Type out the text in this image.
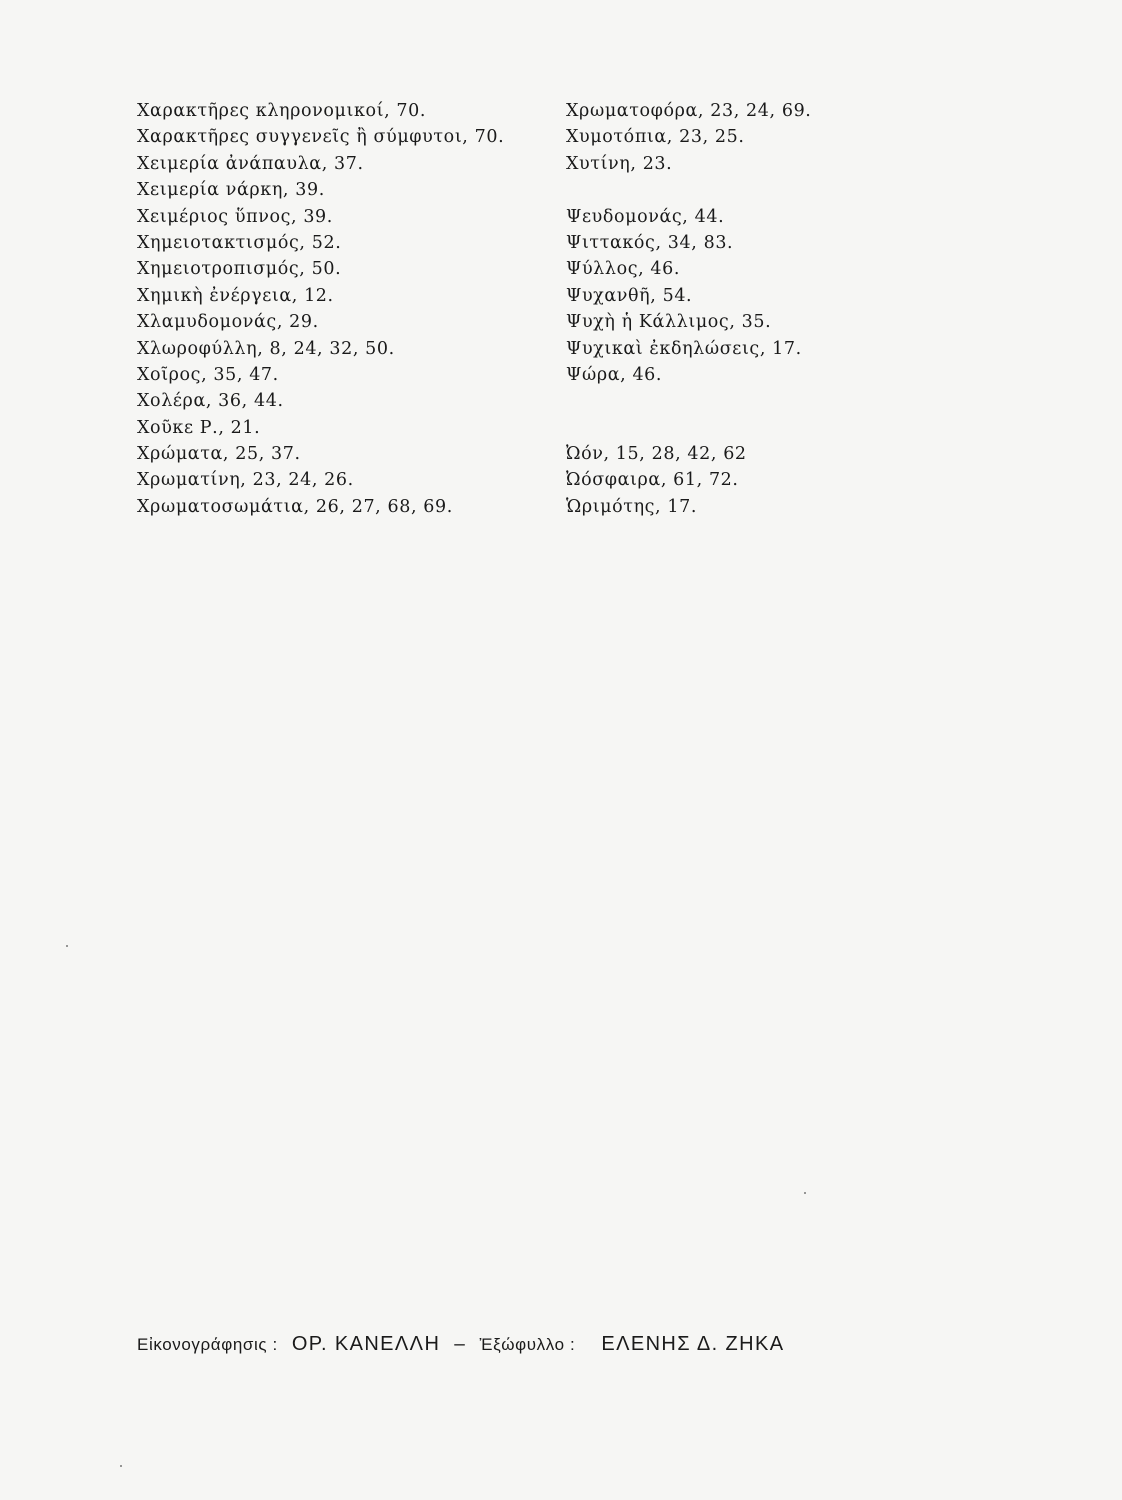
Χαρακτῆρες κληρονομικοί, 70.
Χαρακτῆρες συγγενεῖς ἢ σύμφυτοι, 70.
Χειμερία ἀνάπαυλα, 37.
Χειμερία νάρκη, 39.
Χειμέριος ὕπνος, 39.
Χημειοτακτισμός, 52.
Χημειοτροπισμός, 50.
Χημικὴ ἐνέργεια, 12.
Χλαμυδομονάς, 29.
Χλωροφύλλη, 8, 24, 32, 50.
Χοῖρος, 35, 47.
Χολέρα, 36, 44.
Χοῦκε Ρ., 21.
Χρώματα, 25, 37.
Χρωματίνη, 23, 24, 26.
Χρωματοσωμάτια, 26, 27, 68, 69.
Χρωματοφόρα, 23, 24, 69.
Χυμοτόπια, 23, 25.
Χυτίνη, 23.
Ψευδομονάς, 44.
Ψιττακός, 34, 83.
Ψύλλος, 46.
Ψυχανθῆ, 54.
Ψυχὴ ἡ Κάλλιμος, 35.
Ψυχικαὶ ἐκδηλώσεις, 17.
Ψώρα, 46.
Ὠόν, 15, 28, 42, 62
Ὠόσφαιρα, 61, 72.
Ὡριμότης, 17.
Εἰκονογράφησις : ΟΡ. ΚΑΝΕΛΛΗ – Ἐξώφυλλο : ΕΛΕΝΗΣ Δ. ΖΗΚΑ
